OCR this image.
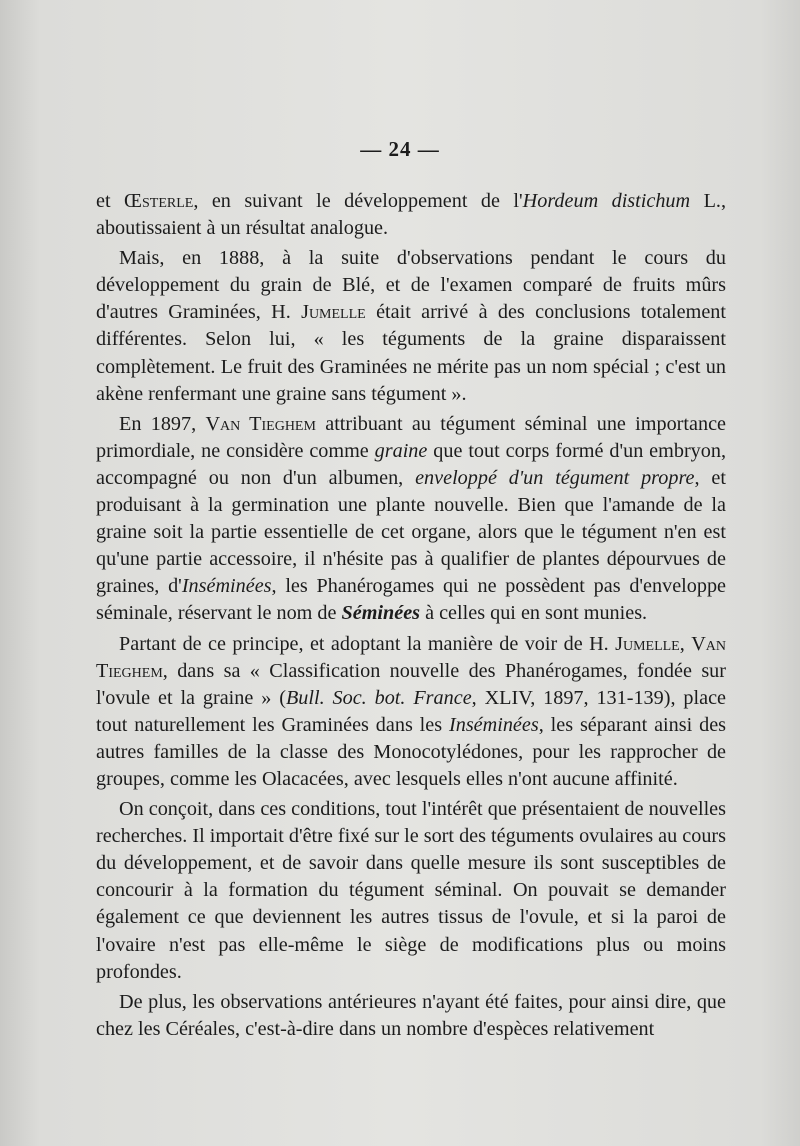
— 24 —

et Œsterle, en suivant le développement de l'Hordeum distichum L., aboutissaient à un résultat analogue.

Mais, en 1888, à la suite d'observations pendant le cours du développement du grain de Blé, et de l'examen comparé de fruits mûrs d'autres Graminées, H. Jumelle était arrivé à des conclusions totalement différentes. Selon lui, « les téguments de la graine disparaissent complètement. Le fruit des Graminées ne mérite pas un nom spécial ; c'est un akène renfermant une graine sans tégument ».

En 1897, Van Tieghem attribuant au tégument séminal une importance primordiale, ne considère comme graine que tout corps formé d'un embryon, accompagné ou non d'un albumen, enveloppé d'un tégument propre, et produisant à la germination une plante nouvelle. Bien que l'amande de la graine soit la partie essentielle de cet organe, alors que le tégument n'en est qu'une partie accessoire, il n'hésite pas à qualifier de plantes dépourvues de graines, d'Inséminées, les Phanérogames qui ne possèdent pas d'enveloppe séminale, réservant le nom de Séminées à celles qui en sont munies.

Partant de ce principe, et adoptant la manière de voir de H. Jumelle, Van Tieghem, dans sa « Classification nouvelle des Phanérogames, fondée sur l'ovule et la graine » (Bull. Soc. bot. France, XLIV, 1897, 131-139), place tout naturellement les Graminées dans les Inséminées, les séparant ainsi des autres familles de la classe des Monocotylédones, pour les rapprocher de groupes, comme les Olacacées, avec lesquels elles n'ont aucune affinité.

On conçoit, dans ces conditions, tout l'intérêt que présentaient de nouvelles recherches. Il importait d'être fixé sur le sort des téguments ovulaires au cours du développement, et de savoir dans quelle mesure ils sont susceptibles de concourir à la formation du tégument séminal. On pouvait se demander également ce que deviennent les autres tissus de l'ovule, et si la paroi de l'ovaire n'est pas elle-même le siège de modifications plus ou moins profondes.

De plus, les observations antérieures n'ayant été faites, pour ainsi dire, que chez les Céréales, c'est-à-dire dans un nombre d'espèces relativement
